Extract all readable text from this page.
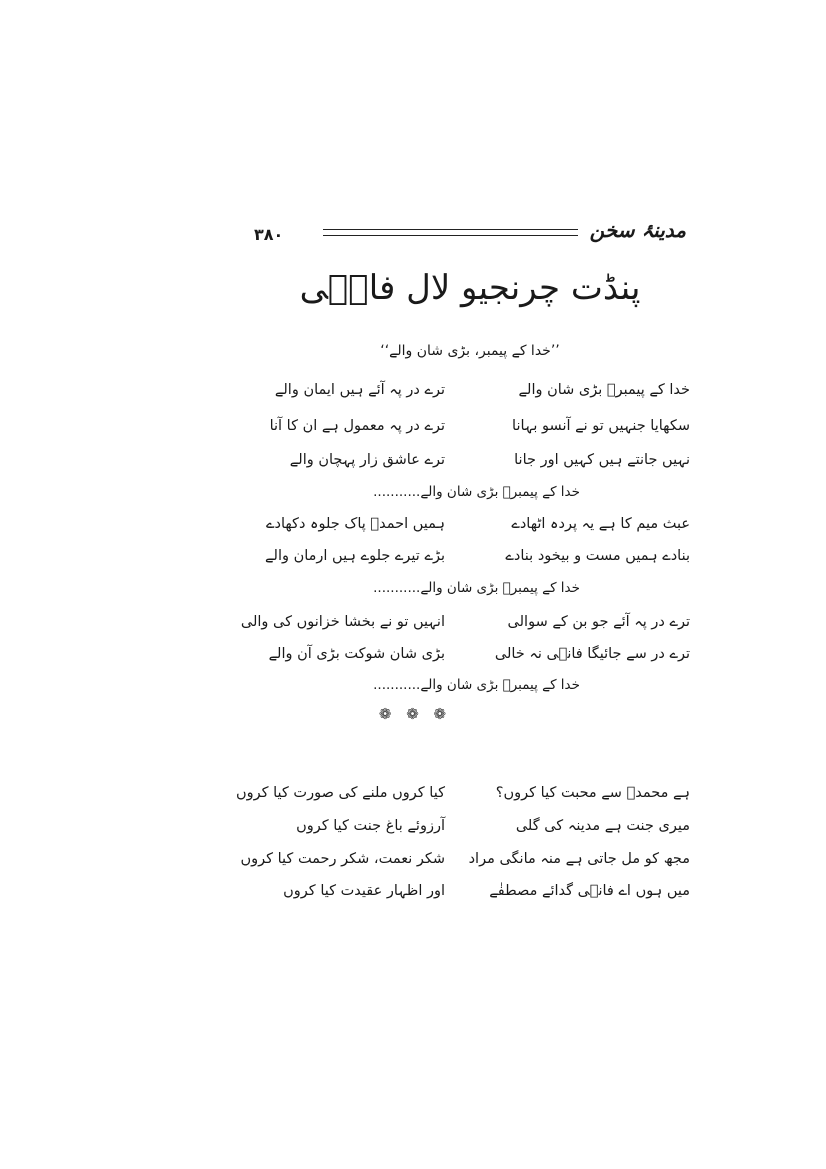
۳۸۰	مدینۂ سخن
پنڈت چرنجیو لال فانؔی
’’خدا کے پیمبر، بڑی شان والے‘‘
خدا کے پیمبرؐ بڑی شان والے
ترے در پہ آئے ہیں ایمان والے
سکھایا جنہیں تو نے آنسو بہانا
ترے در پہ معمول ہے ان کا آنا
نہیں جانتے ہیں کہیں اور جانا
ترے عاشق زار پہچان والے
خدا کے پیمبرؐ بڑی شان والے...........
عبث میم کا ہے یہ پردہ اٹھادے
ہمیں احمدؐ پاک جلوہ دکھادے
بنادے ہمیں مست و بیخود بنادے
بڑے تیرے جلوے ہیں ارمان والے
خدا کے پیمبرؐ بڑی شان والے...........
ترے در پہ آئے جو بن کے سوالی
انہیں تو نے بخشا خزانوں کی والی
ترے در سے جائیگا فانؔی نہ خالی
بڑی شان شوکت بڑی آن والے
خدا کے پیمبرؐ بڑی شان والے...........
❁ ❁ ❁
ہے محمدؐ سے محبت کیا کروں؟
کیا کروں ملنے کی صورت کیا کروں
میری جنت ہے مدینہ کی گلی
آرزوئے باغ جنت کیا کروں
مجھ کو مل جاتی ہے منہ مانگی مراد
شکر نعمت، شکر رحمت کیا کروں
میں ہوں اے فانؔی گدائے مصطفٰے
اور اظہار عقیدت کیا کروں
